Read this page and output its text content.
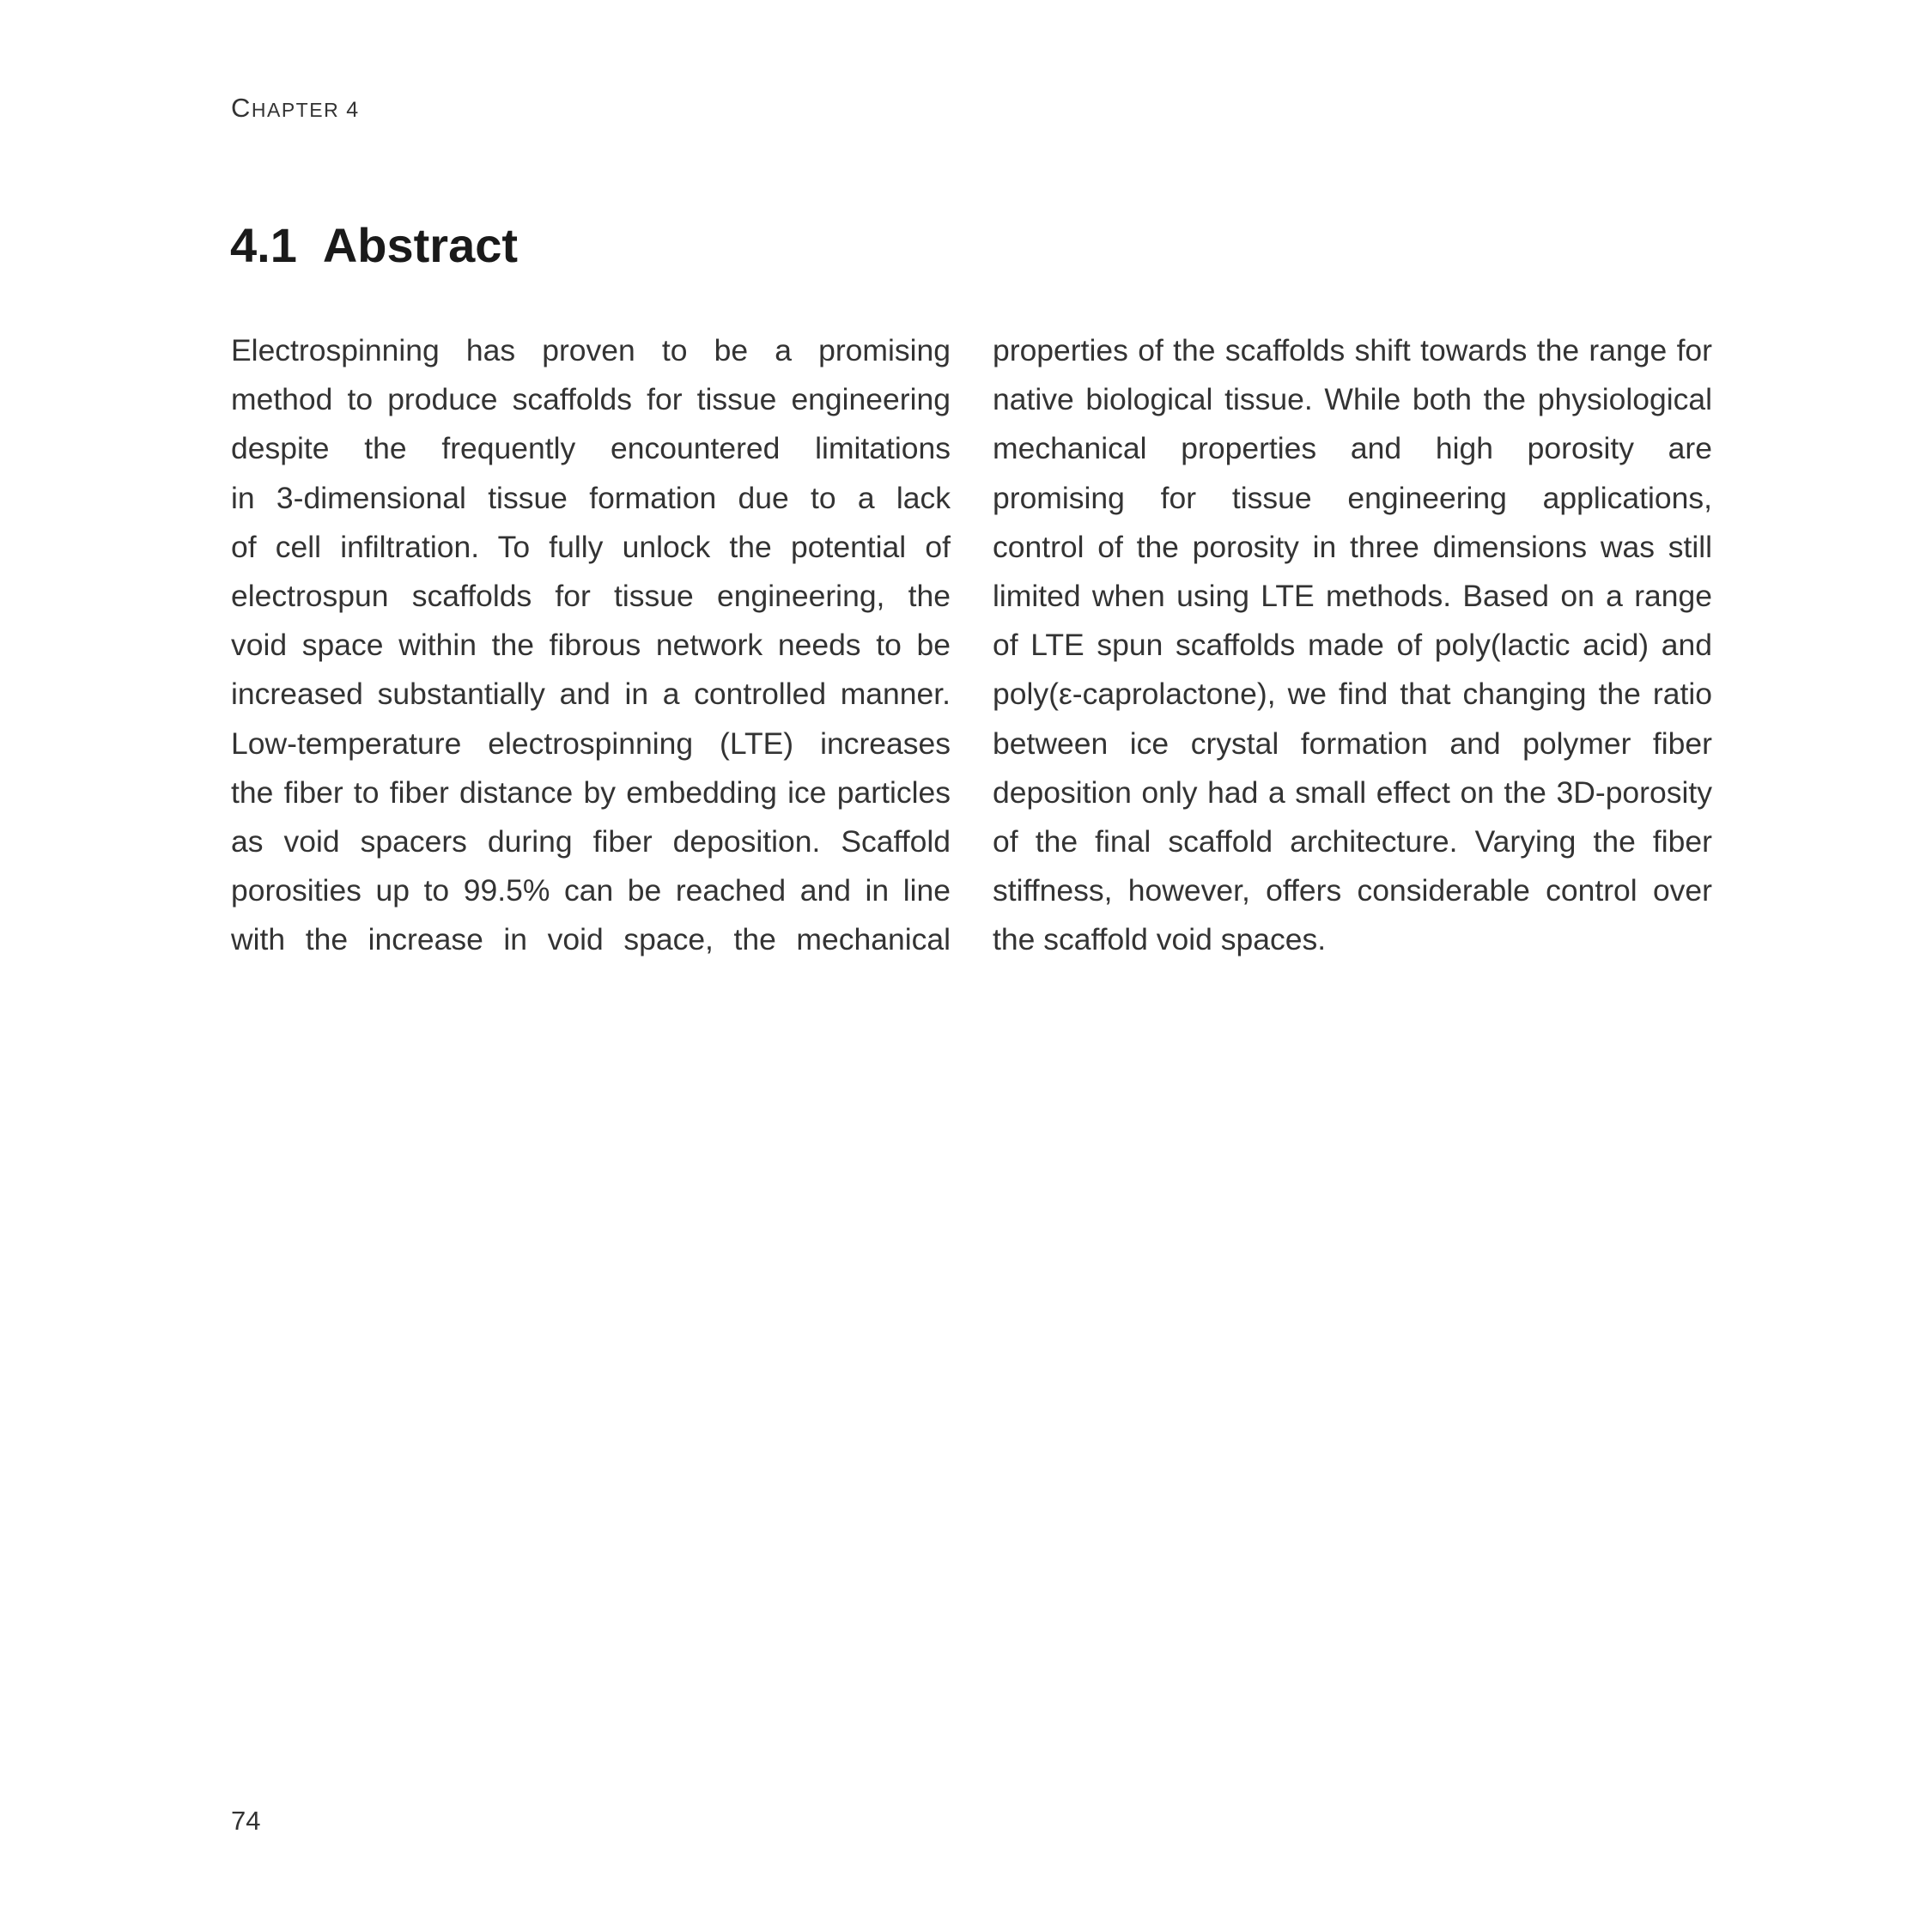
CHAPTER 4
4.1 Abstract

Electrospinning has proven to be a promising
method to produce scaffolds for tissue engineering
despite the frequently encountered limitations
in 3-dimensional tissue formation due to a lack
of cell infiltration. To fully unlock the potential of
electrospun scaffolds for tissue engineering, the
void space within the fibrous network needs to be
increased substantially and in a controlled manner.
Low-temperature electrospinning (LTE) increases
the fiber to fiber distance by embedding ice particles
as void spacers during fiber deposition. Scaffold
porosities up to 99.5% can be reached and in line
with the increase in void space, the mechanical

properties of the scaffolds shift towards the range for
native biological tissue. While both the physiological
mechanical properties and high porosity are
promising for tissue engineering applications,
control of the porosity in three dimensions was still
limited when using LTE methods. Based on a range
of LTE spun scaffolds made of poly(lactic acid) and
poly(ε-caprolactone), we find that changing the ratio
between ice crystal formation and polymer fiber
deposition only had a small effect on the 3D-porosity
of the final scaffold architecture. Varying the fiber
stiffness, however, offers considerable control over
the scaffold void spaces.

74
